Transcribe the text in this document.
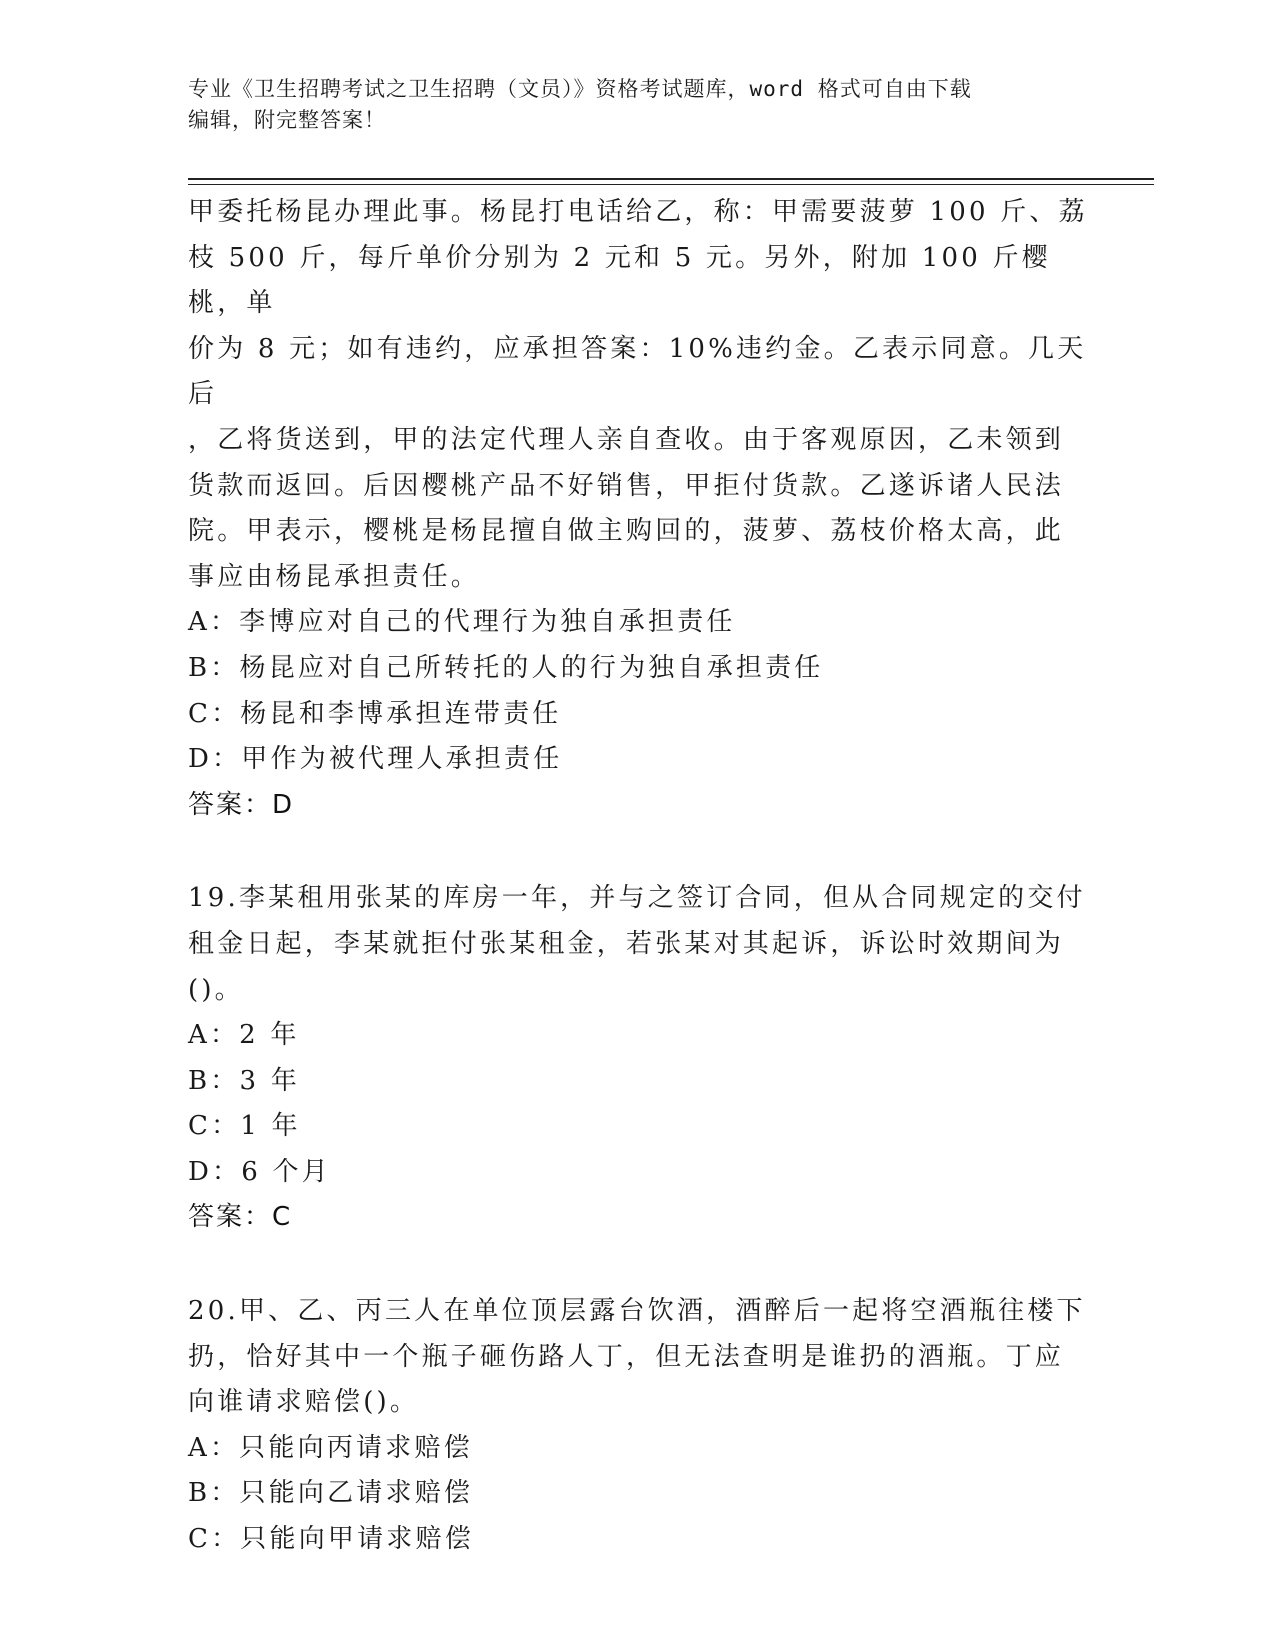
专业《卫生招聘考试之卫生招聘（文员）》资格考试题库，word 格式可自由下载
编辑，附完整答案！

甲委托杨昆办理此事。杨昆打电话给乙，称：甲需要菠萝 100 斤、荔

枝 500 斤，每斤单价分别为 2 元和 5 元。另外，附加 100 斤樱桃，单

价为 8 元；如有违约，应承担答案：10%违约金。乙表示同意。几天后

，乙将货送到，甲的法定代理人亲自查收。由于客观原因，乙未领到

货款而返回。后因樱桃产品不好销售，甲拒付货款。乙遂诉诸人民法

院。甲表示，樱桃是杨昆擅自做主购回的，菠萝、荔枝价格太高，此

事应由杨昆承担责任。

A：李博应对自己的代理行为独自承担责任

B：杨昆应对自己所转托的人的行为独自承担责任

C：杨昆和李博承担连带责任

D：甲作为被代理人承担责任

答案：D

19.李某租用张某的库房一年，并与之签订合同，但从合同规定的交付

租金日起，李某就拒付张某租金，若张某对其起诉，诉讼时效期间为

()。

A：2 年

B：3 年

C：1 年

D：6 个月

答案：C

20.甲、乙、丙三人在单位顶层露台饮酒，酒醉后一起将空酒瓶往楼下

扔，恰好其中一个瓶子砸伤路人丁，但无法查明是谁扔的酒瓶。丁应

向谁请求赔偿()。

A：只能向丙请求赔偿

B：只能向乙请求赔偿

C：只能向甲请求赔偿
